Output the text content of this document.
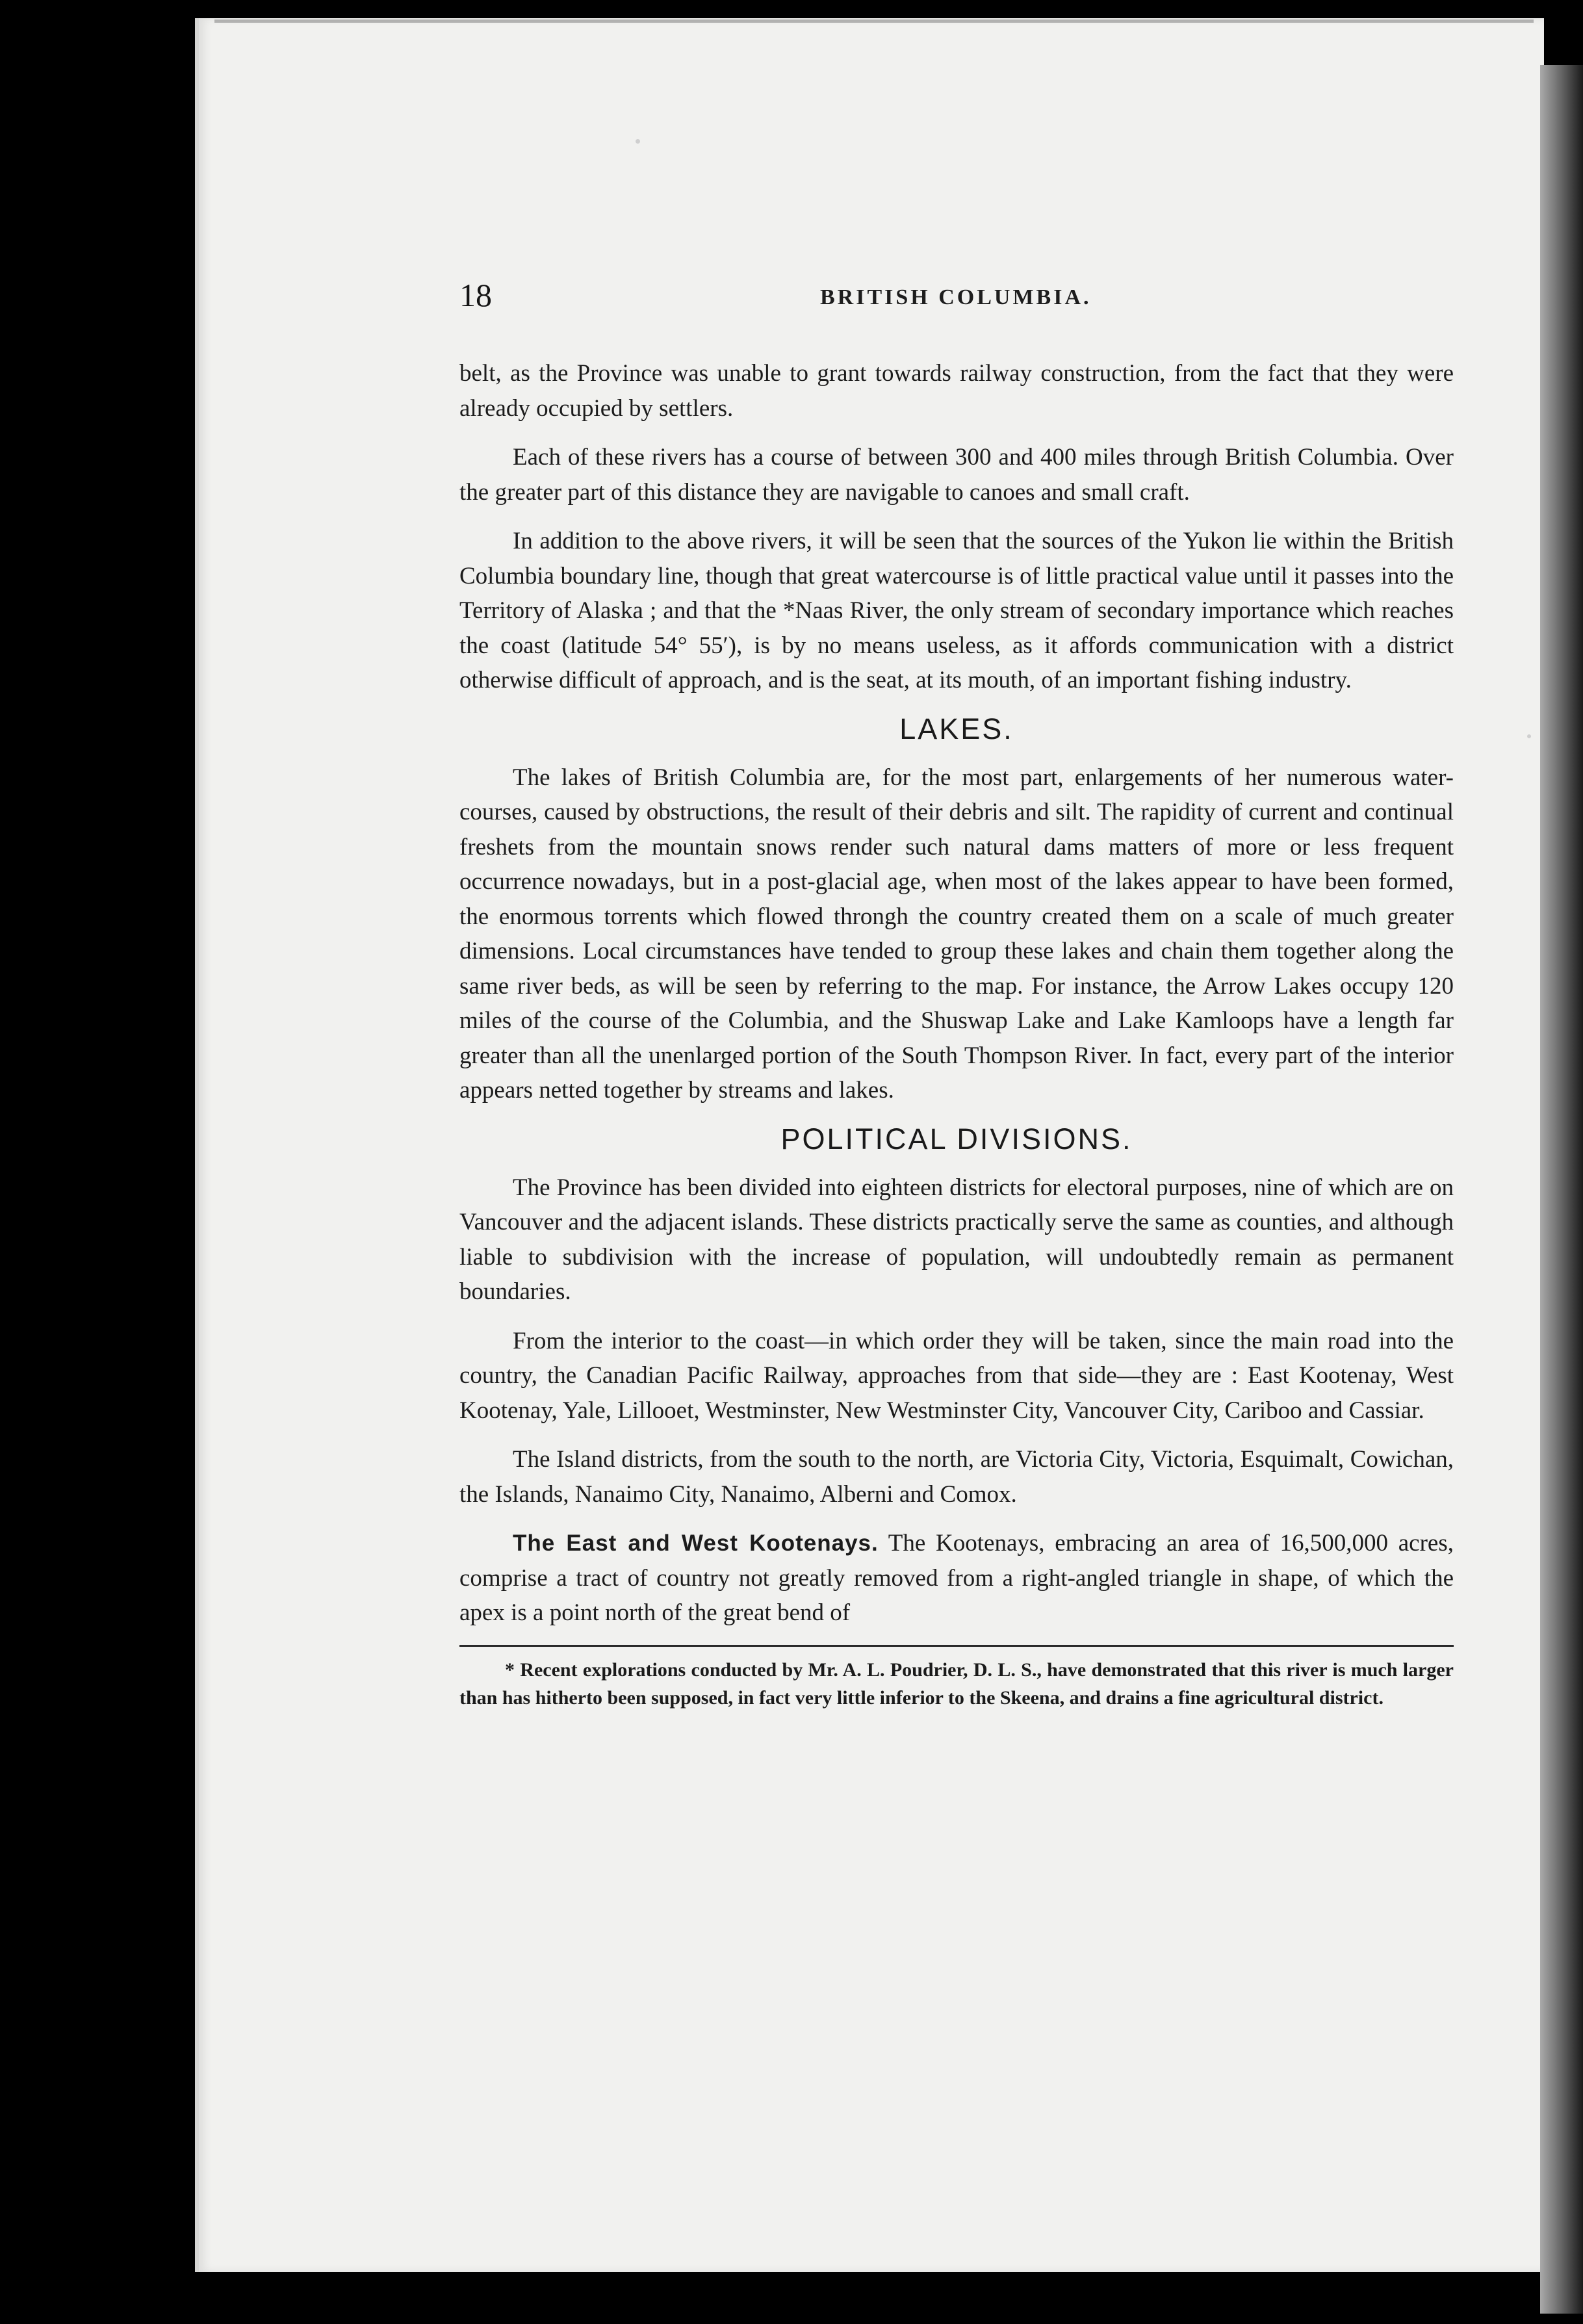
18	BRITISH COLUMBIA.

belt, as the Province was unable to grant towards railway construction, from the fact that they were already occupied by settlers.

Each of these rivers has a course of between 300 and 400 miles through British Columbia. Over the greater part of this distance they are navigable to canoes and small craft.

In addition to the above rivers, it will be seen that the sources of the Yukon lie within the British Columbia boundary line, though that great watercourse is of little practical value until it passes into the Territory of Alaska ; and that the *Naas River, the only stream of secondary importance which reaches the coast (latitude 54° 55′), is by no means useless, as it affords communication with a district otherwise difficult of approach, and is the seat, at its mouth, of an important fishing industry.

LAKES.

The lakes of British Columbia are, for the most part, enlargements of her numerous water-courses, caused by obstructions, the result of their debris and silt. The rapidity of current and continual freshets from the mountain snows render such natural dams matters of more or less frequent occurrence nowadays, but in a post-glacial age, when most of the lakes appear to have been formed, the enormous torrents which flowed throngh the country created them on a scale of much greater dimensions. Local circumstances have tended to group these lakes and chain them together along the same river beds, as will be seen by referring to the map. For instance, the Arrow Lakes occupy 120 miles of the course of the Columbia, and the Shuswap Lake and Lake Kamloops have a length far greater than all the unenlarged portion of the South Thompson River. In fact, every part of the interior appears netted together by streams and lakes.

POLITICAL DIVISIONS.

The Province has been divided into eighteen districts for electoral purposes, nine of which are on Vancouver and the adjacent islands. These districts practically serve the same as counties, and although liable to subdivision with the increase of population, will undoubtedly remain as permanent boundaries.

From the interior to the coast—in which order they will be taken, since the main road into the country, the Canadian Pacific Railway, approaches from that side—they are : East Kootenay, West Kootenay, Yale, Lillooet, Westminster, New Westminster City, Vancouver City, Cariboo and Cassiar.

The Island districts, from the south to the north, are Victoria City, Victoria, Esquimalt, Cowichan, the Islands, Nanaimo City, Nanaimo, Alberni and Comox.

The East and West Kootenays. The Kootenays, embracing an area of 16,500,000 acres, comprise a tract of country not greatly removed from a right-angled triangle in shape, of which the apex is a point north of the great bend of

* Recent explorations conducted by Mr. A. L. Poudrier, D. L. S., have demonstrated that this river is much larger than has hitherto been supposed, in fact very little inferior to the Skeena, and drains a fine agricultural district.
